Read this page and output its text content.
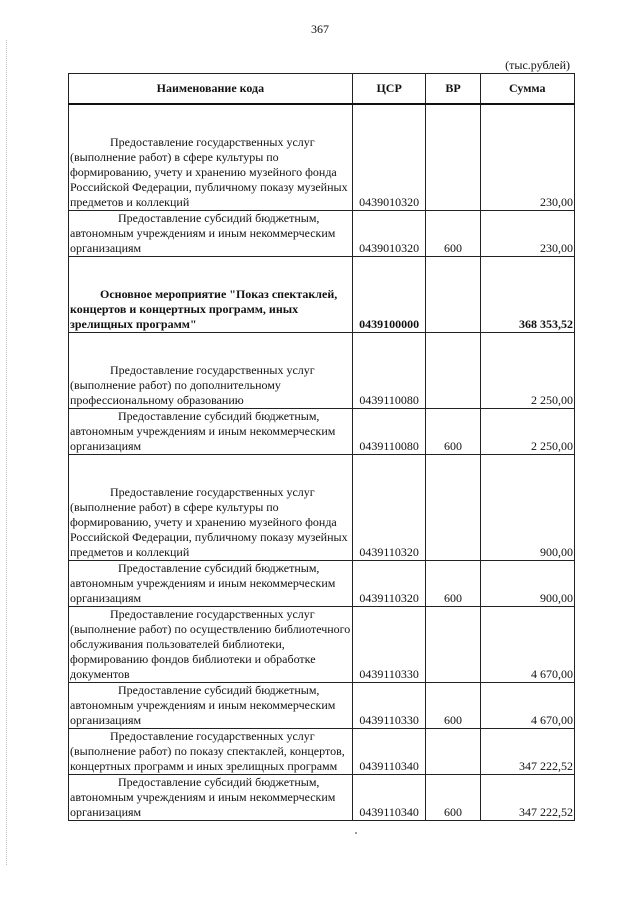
367
(тыс.рублей)
Наименование кода	ЦСР	ВР	Сумма

Предоставление государственных услуг (выполнение работ) в сфере культуры по формированию, учету и хранению музейного фонда Российской Федерации, публичному показу музейных предметов и коллекций	0439010320		230,00
Предоставление субсидий бюджетным, автономным учреждениям и иным некоммерческим организациям	0439010320	600	230,00

Основное мероприятие "Показ спектаклей, концертов и концертных программ, иных зрелищных программ"	0439100000		368 353,52

Предоставление государственных услуг (выполнение работ) по дополнительному профессиональному образованию	0439110080		2 250,00
Предоставление субсидий бюджетным, автономным учреждениям и иным некоммерческим организациям	0439110080	600	2 250,00

Предоставление государственных услуг (выполнение работ) в сфере культуры по формированию, учету и хранению музейного фонда Российской Федерации, публичному показу музейных предметов и коллекций	0439110320		900,00
Предоставление субсидий бюджетным, автономным учреждениям и иным некоммерческим организациям	0439110320	600	900,00
Предоставление государственных услуг (выполнение работ) по осуществлению библиотечного обслуживания пользователей библиотеки, формированию фондов библиотеки и обработке документов	0439110330		4 670,00
Предоставление субсидий бюджетным, автономным учреждениям и иным некоммерческим организациям	0439110330	600	4 670,00
Предоставление государственных услуг (выполнение работ) по показу спектаклей, концертов, концертных программ и иных зрелищных программ	0439110340		347 222,52
Предоставление субсидий бюджетным, автономным учреждениям и иным некоммерческим организациям	0439110340	600	347 222,52
